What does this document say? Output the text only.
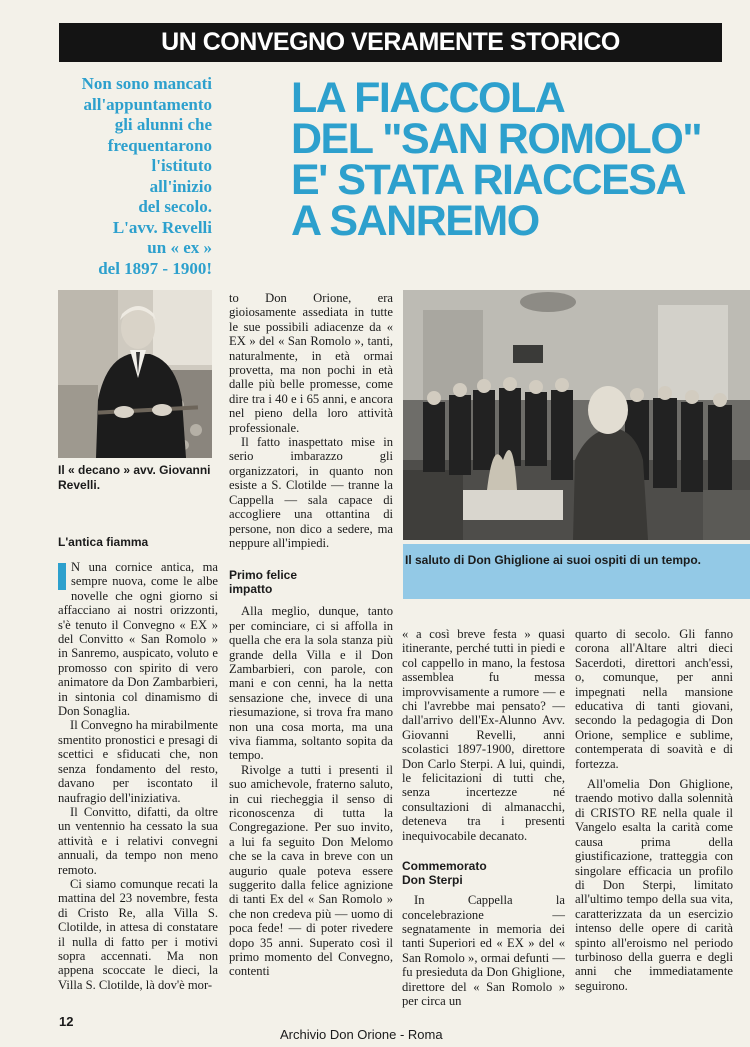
UN CONVEGNO VERAMENTE STORICO
Non sono mancati
all'appuntamento
gli alunni che
frequentarono
l'istituto
all'inizio
del secolo.
L'avv. Revelli
un « ex »
del 1897 - 1900!
LA FIACCOLA
DEL "SAN ROMOLO"
E' STATA RIACCESA
A SANREMO
Il « decano » avv. Giovanni Revelli.
Il saluto di Don Ghiglione ai suoi ospiti di un tempo.
L'antica fiamma

N una cornice antica, ma sempre nuova, come le albe novelle che ogni giorno si affacciano ai nostri orizzonti, s'è tenuto il Convegno « EX » del Convitto « San Romolo » in Sanremo, auspicato, voluto e promosso con spirito di vero animatore da Don Zambarbieri, in sintonia col dinamismo di Don Sonaglia.

Il Convegno ha mirabilmente smentito pronostici e presagi di scettici e sfiducati che, non senza fondamento del resto, davano per iscontato il naufragio dell'iniziativa.

Il Convitto, difatti, da oltre un ventennio ha cessato la sua attività e i relativi convegni annuali, da tempo non meno remoto.

Ci siamo comunque recati la mattina del 23 novembre, festa di Cristo Re, alla Villa S. Clotilde, in attesa di constatare il nulla di fatto per i motivi sopra accennati. Ma non appena scoccate le dieci, la Villa S. Clotilde, là dov'è mor-

to Don Orione, era gioiosamente assediata in tutte le sue possibili adiacenze da « EX » del « San Romolo », tanti, naturalmente, in età ormai provetta, ma non pochi in età dalle più belle promesse, come dire tra i 40 e i 65 anni, e ancora nel pieno della loro attività professionale.

Il fatto inaspettato mise in serio imbarazzo gli organizzatori, in quanto non esiste a S. Clotilde — tranne la Cappella — sala capace di accogliere una ottantina di persone, non dico a sedere, ma neppure all'impiedi.

Primo felice
impatto

Alla meglio, dunque, tanto per cominciare, ci si affolla in quella che era la sola stanza più grande della Villa e il Don Zambarbieri, con parole, con mani e con cenni, ha la netta sensazione che, invece di una riesumazione, si trova fra mano non una cosa morta, ma una viva fiamma, soltanto sopita da tempo.

Rivolge a tutti i presenti il suo amichevole, fraterno saluto, in cui riecheggia il senso di riconoscenza di tutta la Congregazione. Per suo invito, a lui fa seguito Don Melomo che se la cava in breve con un augurio quale poteva essere suggerito dalla felice agnizione di tanti Ex del « San Romolo » che non credeva più — uomo di poca fede! — di poter rivedere dopo 35 anni. Superato così il primo momento del Convegno, contenti

« a così breve festa » quasi itinerante, perché tutti in piedi e col cappello in mano, la festosa assemblea fu messa improvvisamente a rumore — e chi l'avrebbe mai pensato? — dall'arrivo dell'Ex-Alunno Avv. Giovanni Revelli, anni scolastici 1897-1900, direttore Don Carlo Sterpi. A lui, quindi, le felicitazioni di tutti che, senza incertezze né consultazioni di almanacchi, deteneva tra i presenti inequivocabile decanato.

Commemorato
Don Sterpi

In Cappella la concelebrazione — segnatamente in memoria dei tanti Superiori ed « EX » del « San Romolo », ormai defunti — fu presieduta da Don Ghiglione, direttore del « San Romolo » per circa un

quarto di secolo. Gli fanno corona all'Altare altri dieci Sacerdoti, direttori anch'essi, o, comunque, per anni impegnati nella mansione educativa di tanti giovani, secondo la pedagogia di Don Orione, semplice e sublime, contemperata di soavità e di fortezza.

All'omelia Don Ghiglione, traendo motivo dalla solennità di CRISTO RE nella quale il Vangelo esalta la carità come causa prima della giustificazione, tratteggia con singolare efficacia un profilo di Don Sterpi, limitato all'ultimo tempo della sua vita, caratterizzata da un esercizio intenso delle opere di carità spinto all'eroismo nel periodo turbinoso della guerra e degli anni che immediatamente seguirono.

12
Archivio Don Orione - Roma
